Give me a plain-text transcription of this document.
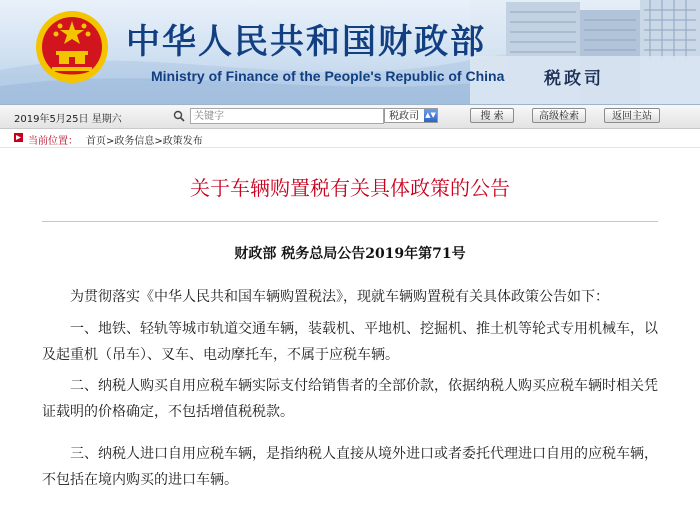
中华人民共和国财政部
Ministry of Finance of the People's Republic of China 税政司
2019年5月25日 星期六
关键字	税政司 ▲▼	搜 索	高级检索	返回主站
当前位置： 首页>政务信息>政策发布
关于车辆购置税有关具体政策的公告
财政部 税务总局公告2019年第71号
为贯彻落实《中华人民共和国车辆购置税法》，现就车辆购置税有关具体政策公告如下：
一、地铁、轻轨等城市轨道交通车辆，装载机、平地机、挖掘机、推土机等轮式专用机械车，以及起重机（吊车）、叉车、电动摩托车，不属于应税车辆。
二、纳税人购买自用应税车辆实际支付给销售者的全部价款，依据纳税人购买应税车辆时相关凭证载明的价格确定，不包括增值税税款。
三、纳税人进口自用应税车辆，是指纳税人直接从境外进口或者委托代理进口自用的应税车辆，不包括在境内购买的进口车辆。
